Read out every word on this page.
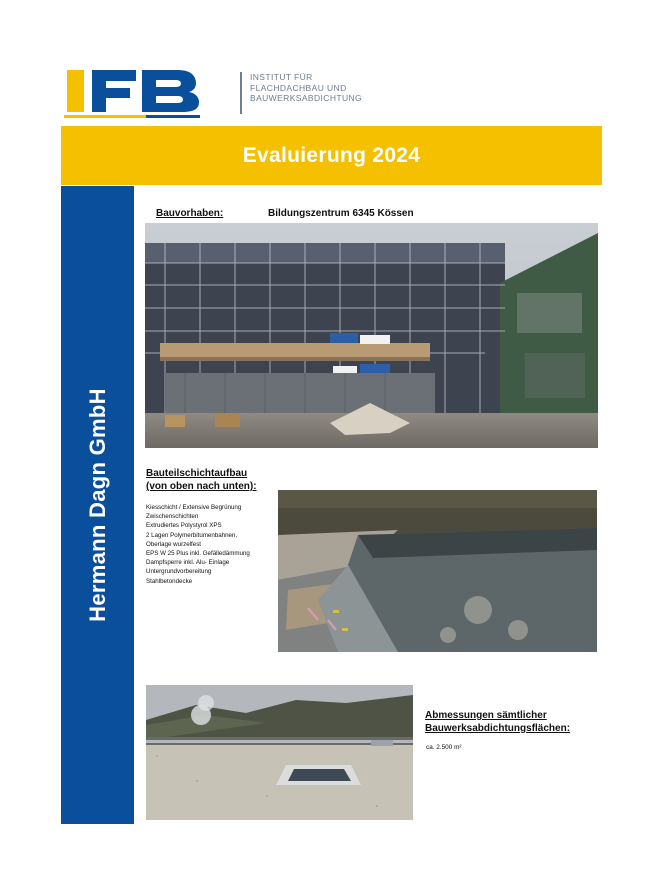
INSTITUT FÜR
FLACHDACHBAU UND
BAUWERKSABDICHTUNG
Evaluierung 2024
Hermann Dagn GmbH
Bauvorhaben:	Bildungszentrum 6345 Kössen
Bauteilschichtaufbau
(von oben nach unten):
Kiesschicht / Extensive Begrünung
Zwischenschichten
Extrudiertes Polystyrol XPS
2 Lagen Polymerbitumenbahnen,
Oberlage wurzelfest
EPS W 25 Plus inkl. Gefälledämmung
Dampfsperre inkl. Alu- Einlage
Untergrundvorbereitung
Stahlbetondecke
Abmessungen sämtlicher
Bauwerksabdichtungsflächen:
ca. 2.500 m²
